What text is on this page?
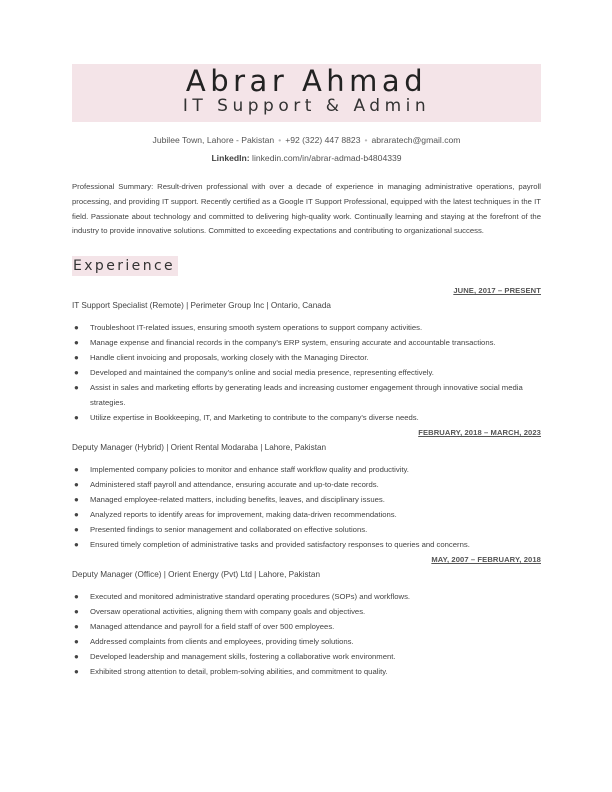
Abrar Ahmad
IT Support & Admin
Jubilee Town, Lahore - Pakistan • +92 (322) 447 8823 • abraratech@gmail.com
LinkedIn: linkedin.com/in/abrar-admad-b4804339
Professional Summary: Result-driven professional with over a decade of experience in managing administrative operations, payroll processing, and providing IT support. Recently certified as a Google IT Support Professional, equipped with the latest techniques in the IT field. Passionate about technology and committed to delivering high-quality work. Continually learning and staying at the forefront of the industry to provide innovative solutions. Committed to exceeding expectations and contributing to organizational success.
Experience
JUNE, 2017 – PRESENT
IT Support Specialist (Remote) | Perimeter Group Inc | Ontario, Canada
● Troubleshoot IT-related issues, ensuring smooth system operations to support company activities.
● Manage expense and financial records in the company's ERP system, ensuring accurate and accountable transactions.
● Handle client invoicing and proposals, working closely with the Managing Director.
● Developed and maintained the company's online and social media presence, representing effectively.
● Assist in sales and marketing efforts by generating leads and increasing customer engagement through innovative social media strategies.
● Utilize expertise in Bookkeeping, IT, and Marketing to contribute to the company's diverse needs.
FEBRUARY, 2018 – MARCH, 2023
Deputy Manager (Hybrid) | Orient Rental Modaraba | Lahore, Pakistan
● Implemented company policies to monitor and enhance staff workflow quality and productivity.
● Administered staff payroll and attendance, ensuring accurate and up-to-date records.
● Managed employee-related matters, including benefits, leaves, and disciplinary issues.
● Analyzed reports to identify areas for improvement, making data-driven recommendations.
● Presented findings to senior management and collaborated on effective solutions.
● Ensured timely completion of administrative tasks and provided satisfactory responses to queries and concerns.
MAY, 2007 – FEBRUARY, 2018
Deputy Manager (Office) | Orient Energy (Pvt) Ltd | Lahore, Pakistan
● Executed and monitored administrative standard operating procedures (SOPs) and workflows.
● Oversaw operational activities, aligning them with company goals and objectives.
● Managed attendance and payroll for a field staff of over 500 employees.
● Addressed complaints from clients and employees, providing timely solutions.
● Developed leadership and management skills, fostering a collaborative work environment.
● Exhibited strong attention to detail, problem-solving abilities, and commitment to quality.
